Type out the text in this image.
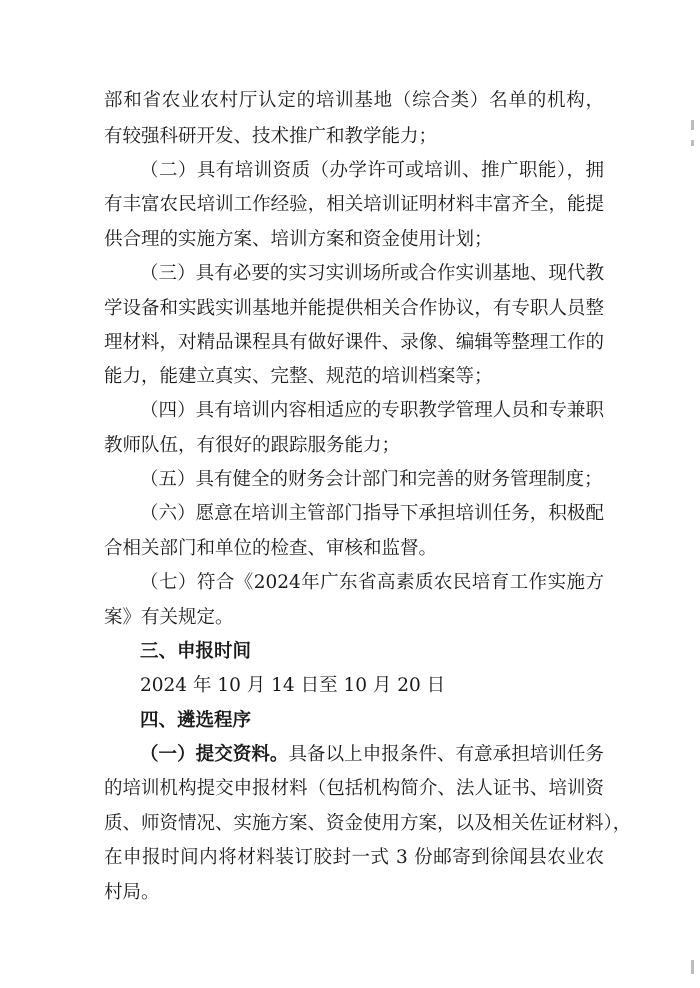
部和省农业农村厅认定的培训基地（综合类）名单的机构，
有较强科研开发、技术推广和教学能力；
（二）具有培训资质（办学许可或培训、推广职能），拥
有丰富农民培训工作经验，相关培训证明材料丰富齐全，能提
供合理的实施方案、培训方案和资金使用计划；
（三）具有必要的实习实训场所或合作实训基地、现代教
学设备和实践实训基地并能提供相关合作协议，有专职人员整
理材料，对精品课程具有做好课件、录像、编辑等整理工作的
能力，能建立真实、完整、规范的培训档案等；
（四）具有培训内容相适应的专职教学管理人员和专兼职
教师队伍，有很好的跟踪服务能力；
（五）具有健全的财务会计部门和完善的财务管理制度；
（六）愿意在培训主管部门指导下承担培训任务，积极配
合相关部门和单位的检查、审核和监督。
（七）符合《2024年广东省高素质农民培育工作实施方
案》有关规定。
三、申报时间
2024 年 10 月 14 日至 10 月 20 日
四、遴选程序
（一）提交资料。具备以上申报条件、有意承担培训任务
的培训机构提交申报材料（包括机构简介、法人证书、培训资
质、师资情况、实施方案、资金使用方案，以及相关佐证材料），
在申报时间内将材料装订胶封一式 3 份邮寄到徐闻县农业农
村局。
